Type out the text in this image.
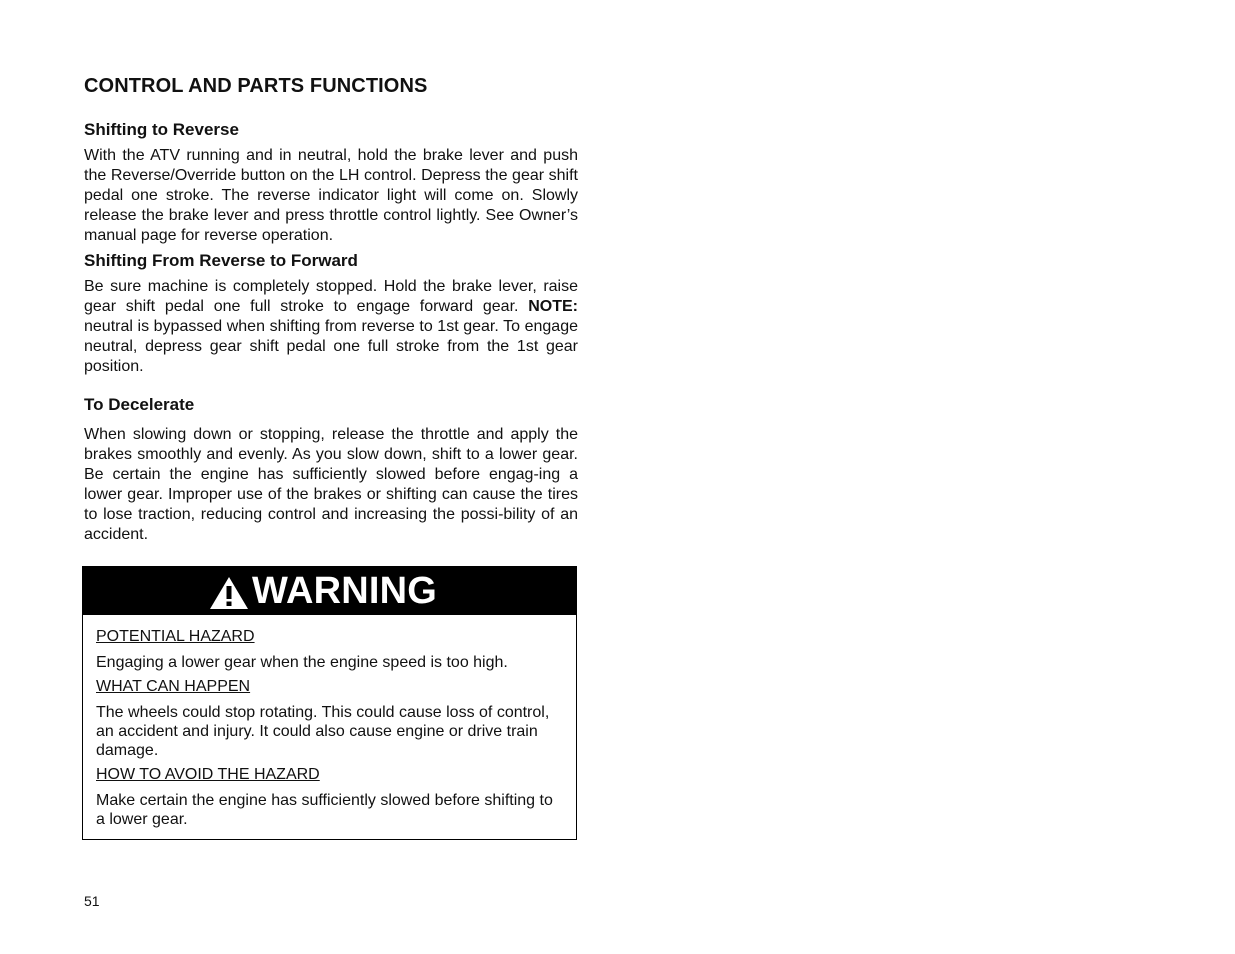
CONTROL AND PARTS FUNCTIONS
Shifting to Reverse

With the ATV running and in neutral, hold the brake lever and push the Reverse/Override button on the LH control. Depress the gear shift pedal one stroke. The reverse indicator light will come on. Slowly release the brake lever and press throttle control lightly. See Owner’s manual page for reverse operation.

Shifting From Reverse to Forward

Be sure machine is completely stopped. Hold the brake lever, raise gear shift pedal one full stroke to engage forward gear. NOTE: neutral is bypassed when shifting from reverse to 1st gear. To engage neutral, depress gear shift pedal one full stroke from the 1st gear position.

To Decelerate

When slowing down or stopping, release the throttle and apply the brakes smoothly and evenly. As you slow down, shift to a lower gear. Be certain the engine has sufficiently slowed before engag-ing a lower gear. Improper use of the brakes or shifting can cause the tires to lose traction, reducing control and increasing the possi-bility of an accident.

WARNING
POTENTIAL HAZARD

Engaging a lower gear when the engine speed is too high.

WHAT CAN HAPPEN

The wheels could stop rotating. This could cause loss of control, an accident and injury. It could also cause engine or drive train damage.

HOW TO AVOID THE HAZARD

Make certain the engine has sufficiently slowed before shifting to a lower gear.

51
